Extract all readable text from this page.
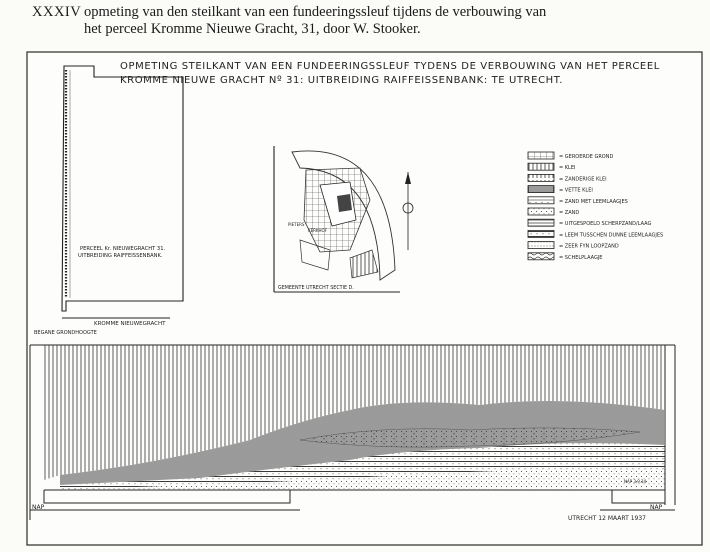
XXXIV opmeting van den steilkant van een fundeeringssleuf tijdens de verbouwing van
het perceel Kromme Nieuwe Gracht, 31, door W. Stooker.
OPMETING STEILKANT VAN EEN FUNDEERINGSSLEUF TYDENS DE VERBOUWING VAN HET PERCEEL
KROMME NIEUWE GRACHT Nº 31: UITBREIDING RAIFFEISSENBANK: TE UTRECHT.
PERCEEL Kr. NIEUWEGRACHT 31.
UITBREIDING RAIFFEISSENBANK.
KROMME NIEUWEGRACHT
PIETERS
KERKHOF
GEMEENTE UTRECHT SECTIE D.
= GEROERDE GROND
= KLEI
= ZANDERIGE KLEI
= VETTE KLEI
= ZAND MET LEEMLAAGJES
= ZAND
= UITGESPOELD SCHERPZAND/LAAG
= LEEM TUSSCHEN DUNNE LEEMLAAGJES
= ZEER FYN LOOPZAND
= SCHELPLAAGJE
BEGANE GRONDHOOGTE
NAP	NAP
NAP 3,9.34
UTRECHT 12 MAART 1937
